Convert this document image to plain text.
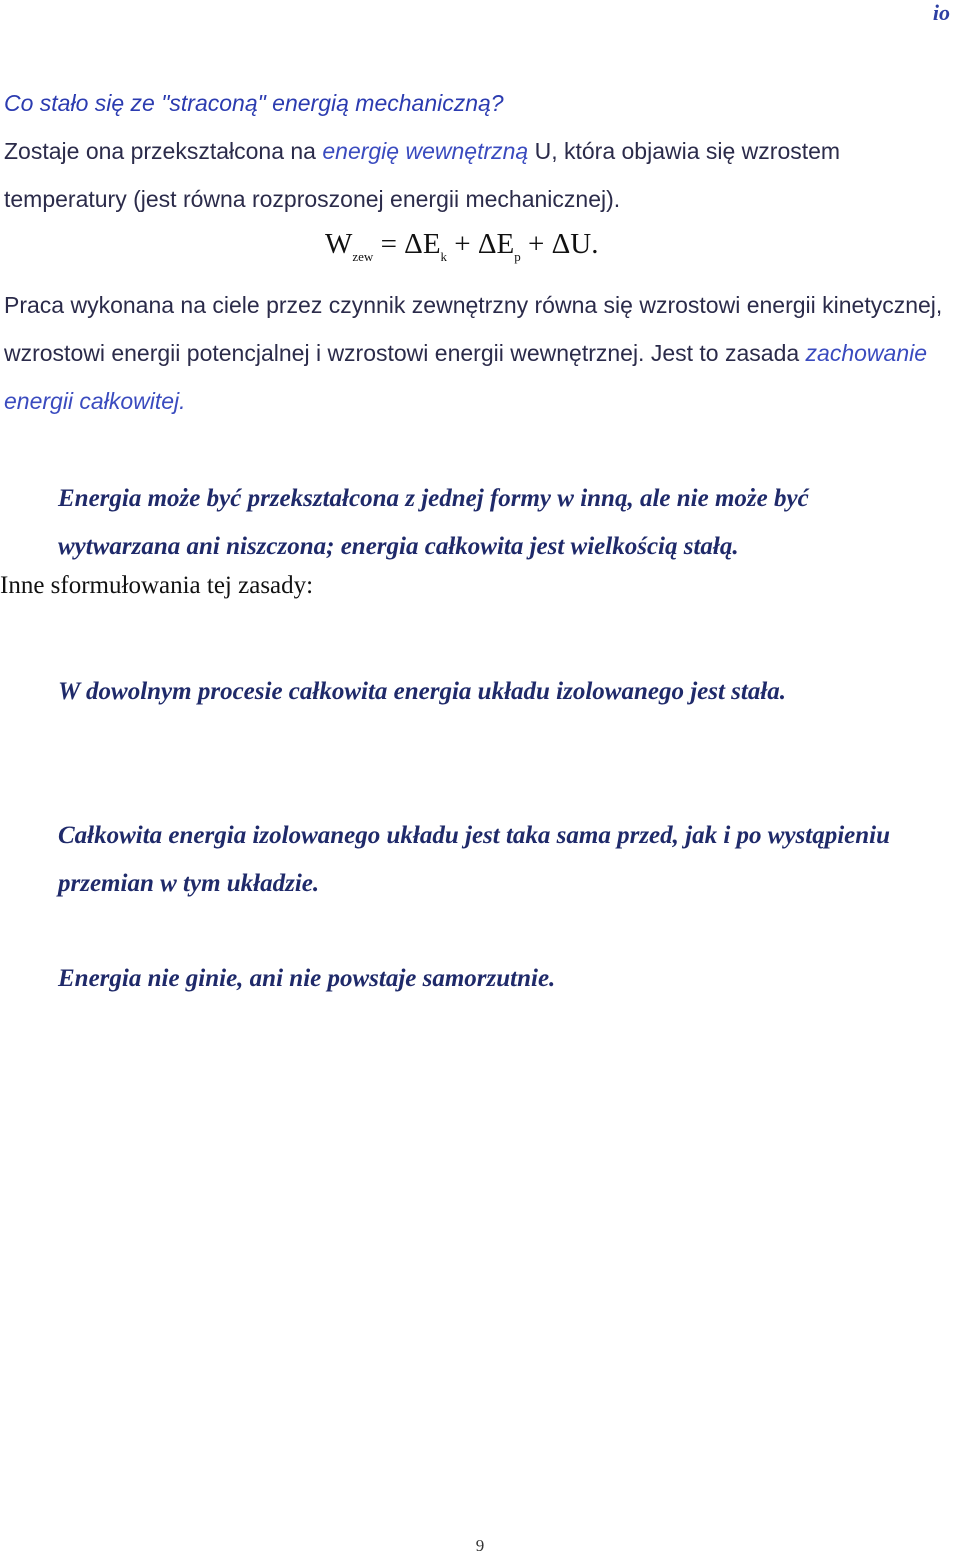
io
Co stało się ze "straconą" energią mechaniczną?
Zostaje ona przekształcona na energię wewnętrzną U, która objawia się wzrostem temperatury (jest równa rozproszonej energii mechanicznej).
$W_{zew} = \Delta E_k + \Delta E_p + \Delta U$.
Praca wykonana na ciele przez czynnik zewnętrzny równa się wzrostowi energii kinetycznej, wzrostowi energii potencjalnej i wzrostowi energii wewnętrznej. Jest to zasada zachowanie energii całkowitej.
Energia może być przekształcona z jednej formy w inną, ale nie może być wytwarzana ani niszczona; energia całkowita jest wielkością stałą.
Inne sformułowania tej zasady:
W dowolnym procesie całkowita energia układu izolowanego jest stała.
Całkowita energia izolowanego układu jest taka sama przed, jak i po wystąpieniu przemian w tym układzie.
Energia nie ginie, ani nie powstaje samorzutnie.
9
